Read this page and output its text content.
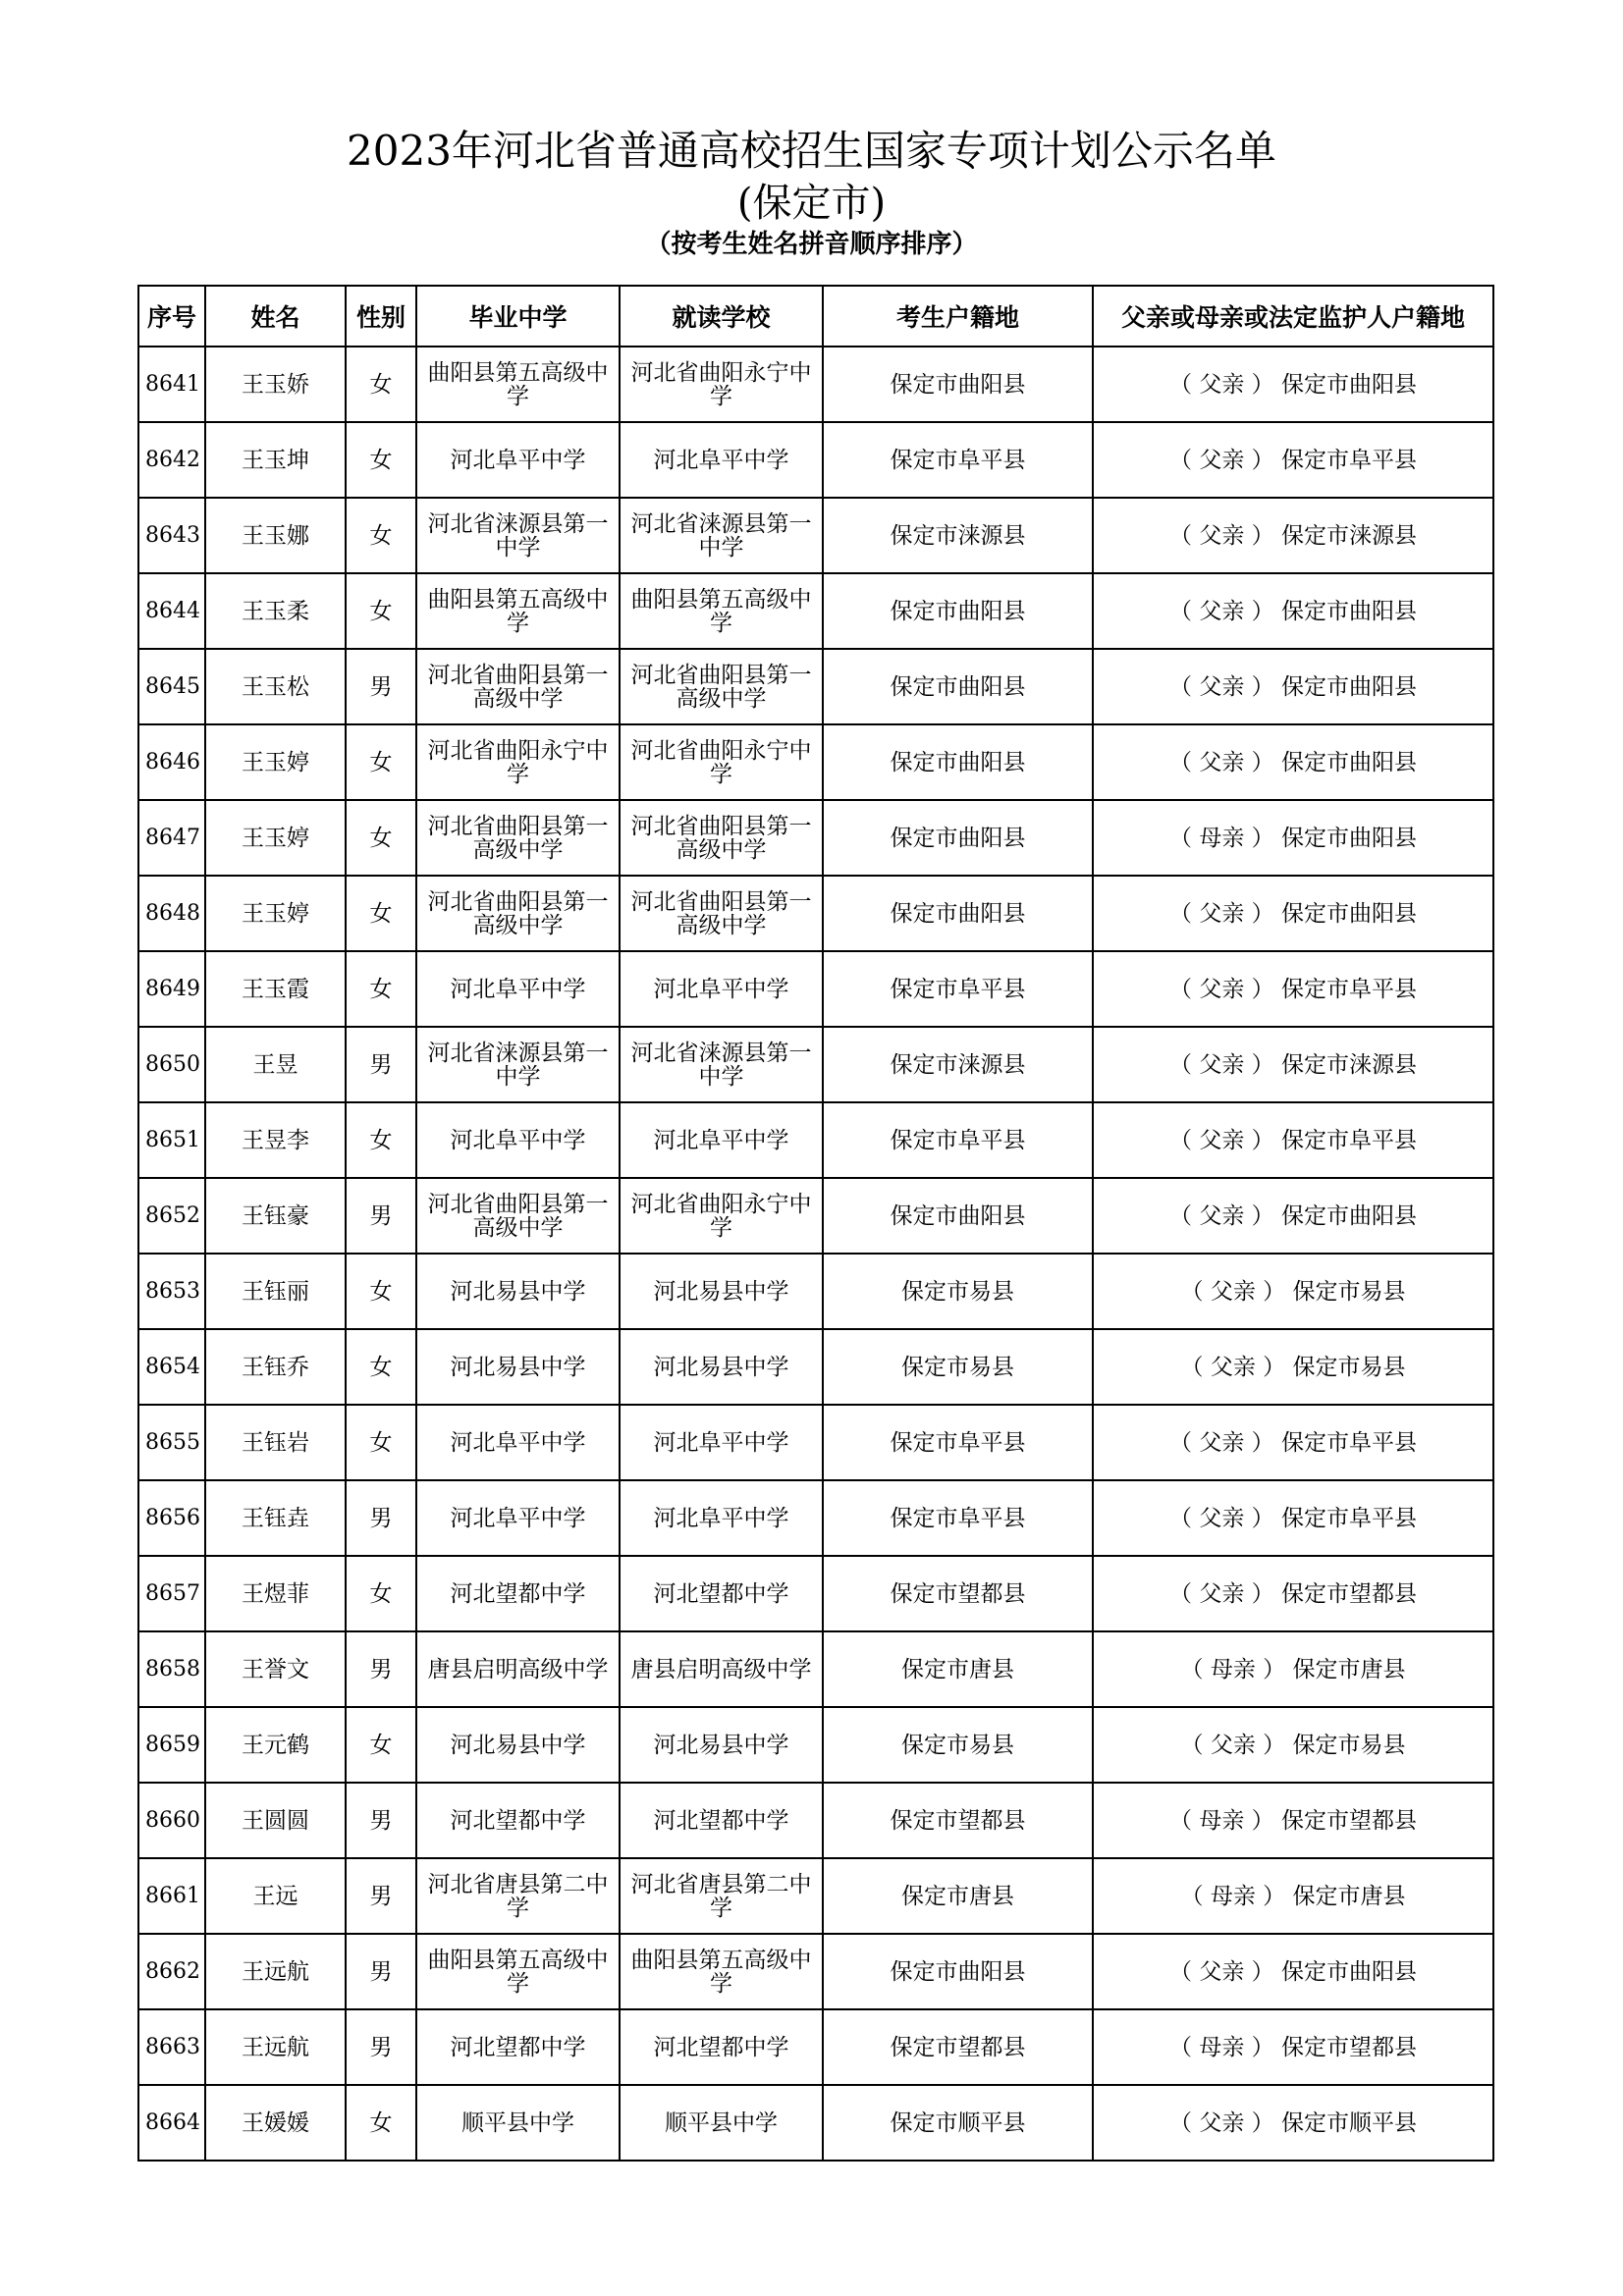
2023年河北省普通高校招生国家专项计划公示名单
(保定市)
（按考生姓名拼音顺序排序）
序号	姓名	性别	毕业中学	就读学校	考生户籍地	父亲或母亲或法定监护人户籍地
8641	王玉娇	女	曲阳县第五高级中学	河北省曲阳永宁中学	保定市曲阳县	（ 父亲 ） 保定市曲阳县
8642	王玉坤	女	河北阜平中学	河北阜平中学	保定市阜平县	（ 父亲 ） 保定市阜平县
8643	王玉娜	女	河北省涞源县第一中学	河北省涞源县第一中学	保定市涞源县	（ 父亲 ） 保定市涞源县
8644	王玉柔	女	曲阳县第五高级中学	曲阳县第五高级中学	保定市曲阳县	（ 父亲 ） 保定市曲阳县
8645	王玉松	男	河北省曲阳县第一高级中学	河北省曲阳县第一高级中学	保定市曲阳县	（ 父亲 ） 保定市曲阳县
8646	王玉婷	女	河北省曲阳永宁中学	河北省曲阳永宁中学	保定市曲阳县	（ 父亲 ） 保定市曲阳县
8647	王玉婷	女	河北省曲阳县第一高级中学	河北省曲阳县第一高级中学	保定市曲阳县	（ 母亲 ） 保定市曲阳县
8648	王玉婷	女	河北省曲阳县第一高级中学	河北省曲阳县第一高级中学	保定市曲阳县	（ 父亲 ） 保定市曲阳县
8649	王玉霞	女	河北阜平中学	河北阜平中学	保定市阜平县	（ 父亲 ） 保定市阜平县
8650	王昱	男	河北省涞源县第一中学	河北省涞源县第一中学	保定市涞源县	（ 父亲 ） 保定市涞源县
8651	王昱李	女	河北阜平中学	河北阜平中学	保定市阜平县	（ 父亲 ） 保定市阜平县
8652	王钰豪	男	河北省曲阳县第一高级中学	河北省曲阳永宁中学	保定市曲阳县	（ 父亲 ） 保定市曲阳县
8653	王钰丽	女	河北易县中学	河北易县中学	保定市易县	（ 父亲 ） 保定市易县
8654	王钰乔	女	河北易县中学	河北易县中学	保定市易县	（ 父亲 ） 保定市易县
8655	王钰岩	女	河北阜平中学	河北阜平中学	保定市阜平县	（ 父亲 ） 保定市阜平县
8656	王钰垚	男	河北阜平中学	河北阜平中学	保定市阜平县	（ 父亲 ） 保定市阜平县
8657	王煜菲	女	河北望都中学	河北望都中学	保定市望都县	（ 父亲 ） 保定市望都县
8658	王誉文	男	唐县启明高级中学	唐县启明高级中学	保定市唐县	（ 母亲 ） 保定市唐县
8659	王元鹤	女	河北易县中学	河北易县中学	保定市易县	（ 父亲 ） 保定市易县
8660	王圆圆	男	河北望都中学	河北望都中学	保定市望都县	（ 母亲 ） 保定市望都县
8661	王远	男	河北省唐县第二中学	河北省唐县第二中学	保定市唐县	（ 母亲 ） 保定市唐县
8662	王远航	男	曲阳县第五高级中学	曲阳县第五高级中学	保定市曲阳县	（ 父亲 ） 保定市曲阳县
8663	王远航	男	河北望都中学	河北望都中学	保定市望都县	（ 母亲 ） 保定市望都县
8664	王媛媛	女	顺平县中学	顺平县中学	保定市顺平县	（ 父亲 ） 保定市顺平县
